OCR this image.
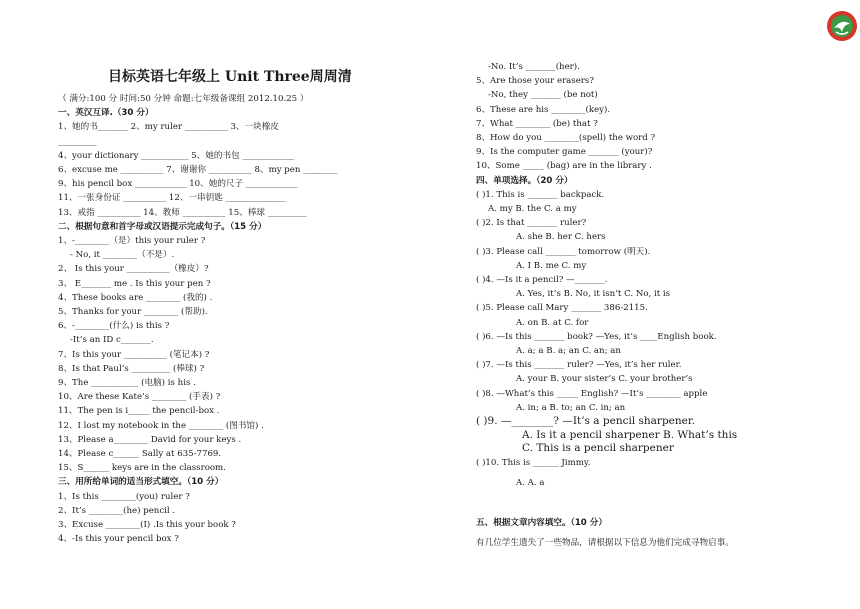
目标英语七年级上 Unit Three周周清
（ 满分:100 分 时间:50 分钟 命题:七年级备课组 2012.10.25 ）
一、英汉互译.（30 分）
1、她的书_______ 2、my ruler __________ 3、一块橡皮
_________
4、your dictionary ___________ 5、她的书包 ____________
6、excuse me __________ 7、谢谢你 __________ 8、my pen ________
9、his pencil box ____________ 10、她的尺子 ____________
11、一张身份证 __________ 12、一串钥匙 ______________
13、戒指 __________ 14、教师 __________ 15、棒球 _________
二、根据句意和首字母或汉语提示完成句子。（15 分）
1、-________（是）this your ruler ?
- No, it ________（不是）.
2、 Is this your __________（橡皮）?
3、 E_______ me . Is this your pen ?
4、These books are ________ (我的) .
5、Thanks for your ________ (帮助).
6、-________(什么) is this ?
-It’s an ID c_______.
7、Is this your __________ (笔记本) ?
8、Is that Paul’s _________ (棒球) ?
9、The ___________ (电脑) is his .
10、Are these Kate’s ________ (手表) ?
11、The pen is i_____ the pencil-box .
12、I lost my notebook in the ________ (图书馆) .
13、Please a________ David for your keys .
14、Please c______ Sally at 635-7769.
15、S______ keys are in the classroom.
三、用所给单词的适当形式填空。（10 分）
1、Is this ________(you) ruler ?
2、It’s ________(he) pencil .
3、Excuse ________(I) .Is this your book ?
4、-Is this your pencil box ?
-No. It’s _______(her).
5、Are those your erasers?
-No, they _______ (be not)
6、These are his ________(key).
7、What ________ (be) that ?
8、How do you ________(spell) the word ?
9、Is the computer game _______ (your)?
10、Some _____ (bag) are in the library .
四、单项选择。（20 分）
( )1. This is _______ backpack.
A. my B. the C. a my
( )2. Is that _______ ruler?
A. she B. her C. hers
( )3. Please call _______ tomorrow (明天).
A. I B. me C. my
( )4. —Is it a pencil? —_______.
A. Yes, it’s B. No, it isn’t C. No, it is
( )5. Please call Mary _______ 386-2115.
A. on B. at C. for
( )6. —Is this _______ book? —Yes, it’s ____English book.
A. a; a B. a; an C. an; an
( )7. —Is this _______ ruler? —Yes, it’s her ruler.
A. your B. your sister’s C. your brother’s
( )8. —What’s this _____ English? —It’s ________ apple
A. in; a B. to; an C. in; an
( )9. —________? —It’s a pencil sharpener.
A. Is it a pencil sharpener B. What’s this
C. This is a pencil sharpener
( )10. This is ______ Jimmy.
A. A. a
五、根据文章内容填空。（10 分）
有几位学生遗失了一些物品，请根据以下信息为他们完成寻物启事。
